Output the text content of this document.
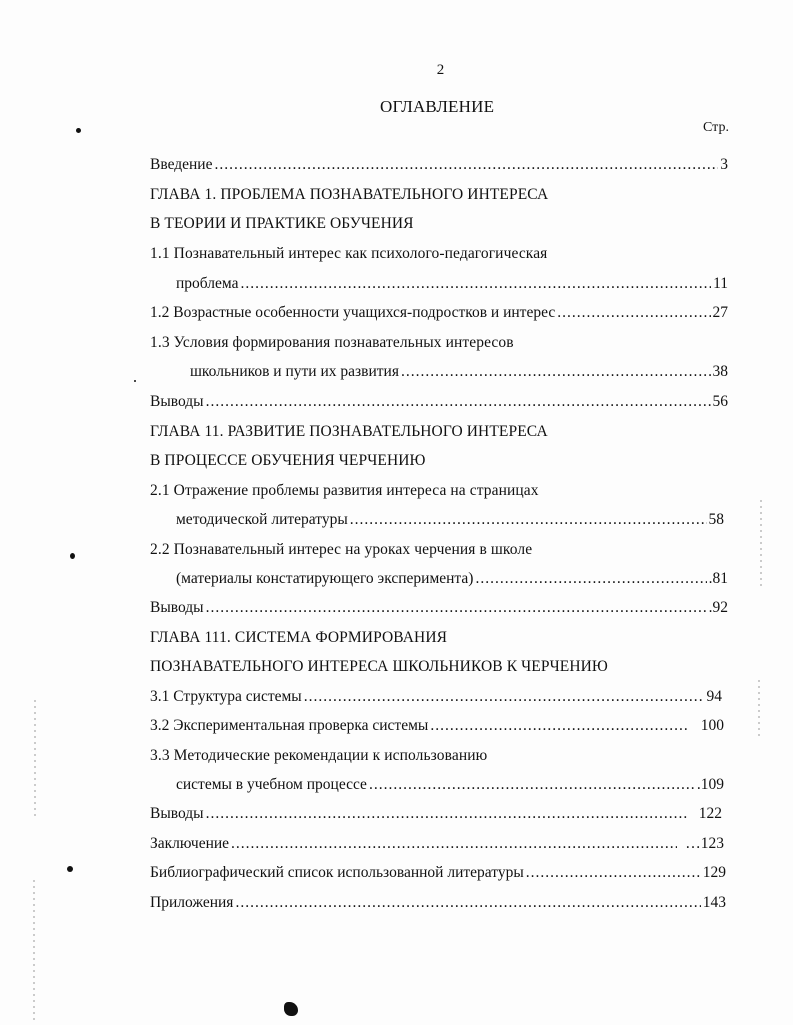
2
ОГЛАВЛЕНИЕ
Стр.
Введение .....	3
ГЛАВА 1. ПРОБЛЕМА ПОЗНАВАТЕЛЬНОГО ИНТЕРЕСА
В ТЕОРИИ И ПРАКТИКЕ ОБУЧЕНИЯ
1.1 Познавательный интерес как психолого-педагогическая
проблема .....	11
1.2 Возрастные особенности учащихся-подростков и интерес .....	27
1.3 Условия формирования познавательных интересов
школьников и пути их развития .....	38
Выводы .....	56
ГЛАВА 11. РАЗВИТИЕ ПОЗНАВАТЕЛЬНОГО ИНТЕРЕСА
В ПРОЦЕССЕ ОБУЧЕНИЯ ЧЕРЧЕНИЮ
2.1 Отражение проблемы развития интереса на страницах
методической литературы .....	58
2.2 Познавательный интерес на уроках черчения в школе
(материалы констатирующего эксперимента) .....	.81
Выводы .....	.92
ГЛАВА 111. СИСТЕМА ФОРМИРОВАНИЯ
ПОЗНАВАТЕЛЬНОГО ИНТЕРЕСА ШКОЛЬНИКОВ К ЧЕРЧЕНИЮ
3.1 Структура системы .....	. 94
3.2 Экспериментальная проверка системы .....	100
3.3 Методические рекомендации к использованию
системы в учебном процессе .....	.109
Выводы .....	122
Заключение .....	…123
Библиографический список использованной литературы .....	129
Приложения .....	143
